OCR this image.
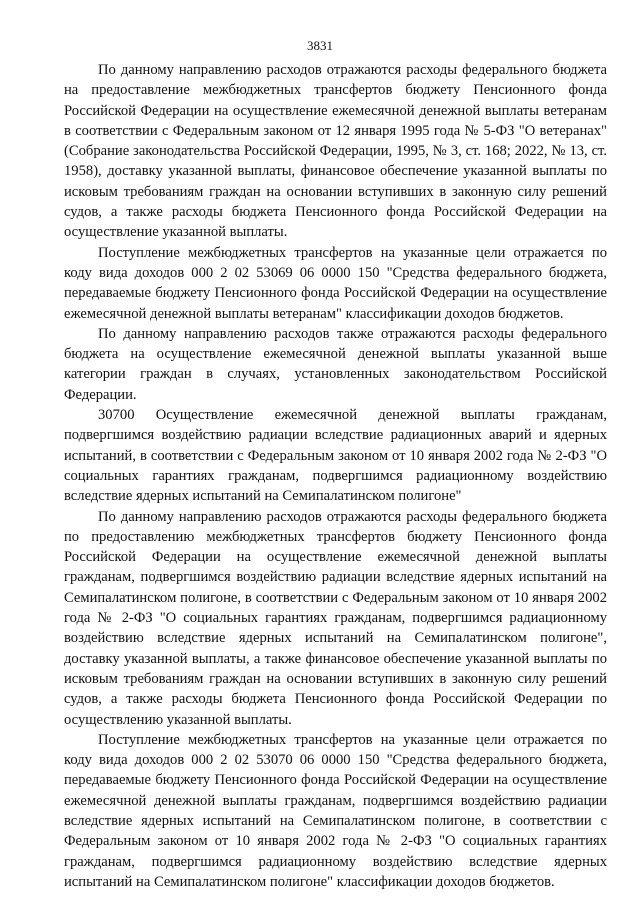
3831

По данному направлению расходов отражаются расходы федерального бюджета на предоставление межбюджетных трансфертов бюджету Пенсионного фонда Российской Федерации на осуществление ежемесячной денежной выплаты ветеранам в соответствии с Федеральным законом от 12 января 1995 года № 5-ФЗ "О ветеранах" (Собрание законодательства Российской Федерации, 1995, № 3, ст. 168; 2022, № 13, ст. 1958), доставку указанной выплаты, финансовое обеспечение указанной выплаты по исковым требованиям граждан на основании вступивших в законную силу решений судов, а также расходы бюджета Пенсионного фонда Российской Федерации на осуществление указанной выплаты.

Поступление межбюджетных трансфертов на указанные цели отражается по коду вида доходов 000 2 02 53069 06 0000 150 "Средства федерального бюджета, передаваемые бюджету Пенсионного фонда Российской Федерации на осуществление ежемесячной денежной выплаты ветеранам" классификации доходов бюджетов.

По данному направлению расходов также отражаются расходы федерального бюджета на осуществление ежемесячной денежной выплаты указанной выше категории граждан в случаях, установленных законодательством Российской Федерации.

30700 Осуществление ежемесячной денежной выплаты гражданам, подвергшимся воздействию радиации вследствие радиационных аварий и ядерных испытаний, в соответствии с Федеральным законом от 10 января 2002 года № 2-ФЗ "О социальных гарантиях гражданам, подвергшимся радиационному воздействию вследствие ядерных испытаний на Семипалатинском полигоне"

По данному направлению расходов отражаются расходы федерального бюджета по предоставлению межбюджетных трансфертов бюджету Пенсионного фонда Российской Федерации на осуществление ежемесячной денежной выплаты гражданам, подвергшимся воздействию радиации вследствие ядерных испытаний на Семипалатинском полигоне, в соответствии с Федеральным законом от 10 января 2002 года № 2-ФЗ "О социальных гарантиях гражданам, подвергшимся радиационному воздействию вследствие ядерных испытаний на Семипалатинском полигоне", доставку указанной выплаты, а также финансовое обеспечение указанной выплаты по исковым требованиям граждан на основании вступивших в законную силу решений судов, а также расходы бюджета Пенсионного фонда Российской Федерации по осуществлению указанной выплаты.

Поступление межбюджетных трансфертов на указанные цели отражается по коду вида доходов 000 2 02 53070 06 0000 150 "Средства федерального бюджета, передаваемые бюджету Пенсионного фонда Российской Федерации на осуществление ежемесячной денежной выплаты гражданам, подвергшимся воздействию радиации вследствие ядерных испытаний на Семипалатинском полигоне, в соответствии с Федеральным законом от 10 января 2002 года № 2-ФЗ "О социальных гарантиях гражданам, подвергшимся радиационному воздействию вследствие ядерных испытаний на Семипалатинском полигоне" классификации доходов бюджетов.
